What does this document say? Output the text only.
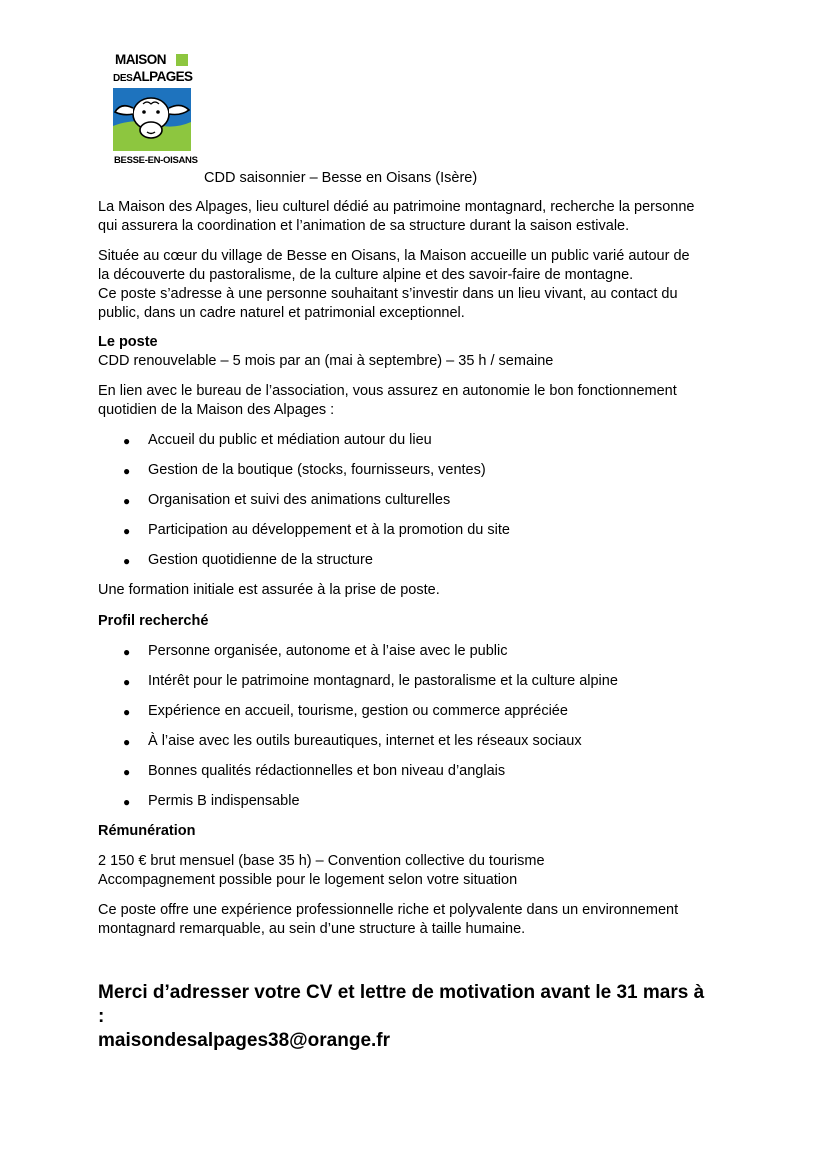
MAISON
DESALPAGES
BESSE-EN-OISANS
CDD saisonnier – Besse en Oisans (Isère)
La Maison des Alpages, lieu culturel dédié au patrimoine montagnard, recherche la personne
qui assurera la coordination et l’animation de sa structure durant la saison estivale.
Située au cœur du village de Besse en Oisans, la Maison accueille un public varié autour de
la découverte du pastoralisme, de la culture alpine et des savoir-faire de montagne.
Ce poste s’adresse à une personne souhaitant s’investir dans un lieu vivant, au contact du
public, dans un cadre naturel et patrimonial exceptionnel.
Le poste
CDD renouvelable – 5 mois par an (mai à septembre) – 35 h / semaine
En lien avec le bureau de l’association, vous assurez en autonomie le bon fonctionnement
quotidien de la Maison des Alpages :
● Accueil du public et médiation autour du lieu
● Gestion de la boutique (stocks, fournisseurs, ventes)
● Organisation et suivi des animations culturelles
● Participation au développement et à la promotion du site
● Gestion quotidienne de la structure
Une formation initiale est assurée à la prise de poste.
Profil recherché
● Personne organisée, autonome et à l’aise avec le public
● Intérêt pour le patrimoine montagnard, le pastoralisme et la culture alpine
● Expérience en accueil, tourisme, gestion ou commerce appréciée
● À l’aise avec les outils bureautiques, internet et les réseaux sociaux
● Bonnes qualités rédactionnelles et bon niveau d’anglais
● Permis B indispensable
Rémunération
2 150 € brut mensuel (base 35 h) – Convention collective du tourisme
Accompagnement possible pour le logement selon votre situation
Ce poste offre une expérience professionnelle riche et polyvalente dans un environnement
montagnard remarquable, au sein d’une structure à taille humaine.
Merci d’adresser votre CV et lettre de motivation avant le 31 mars à
:
maisondesalpages38@orange.fr
